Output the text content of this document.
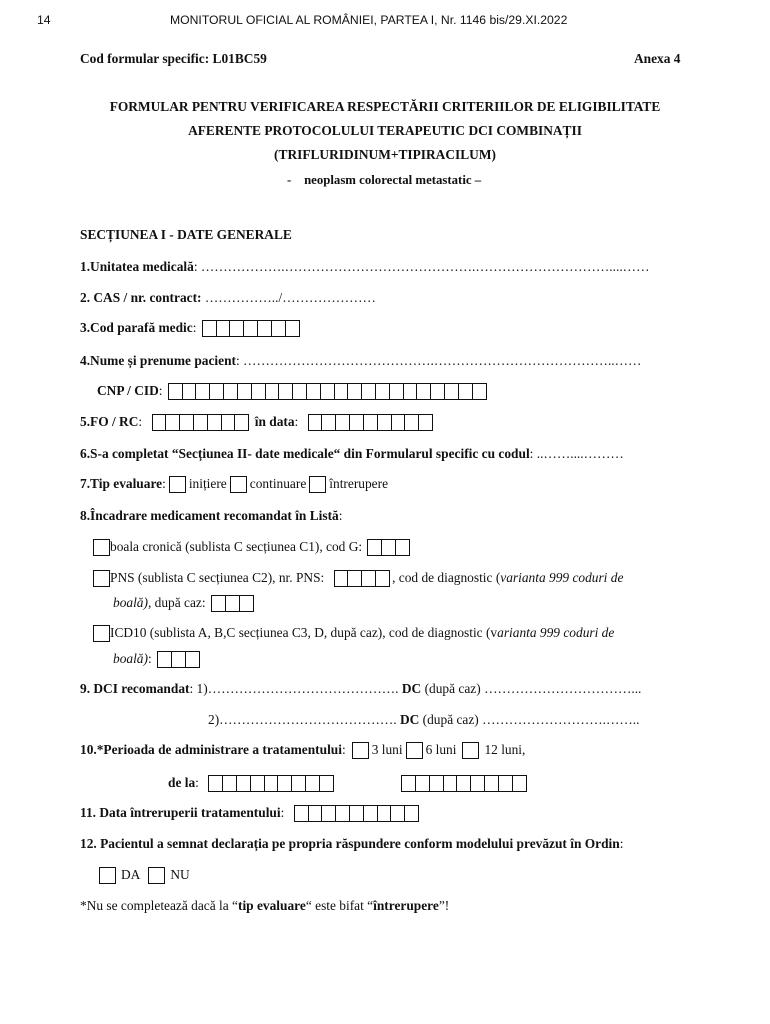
14	MONITORUL OFICIAL AL ROMÂNIEI, PARTEA I, Nr. 1146 bis/29.XI.2022
Cod formular specific: L01BC59	Anexa 4
FORMULAR PENTRU VERIFICAREA RESPECTĂRII CRITERIILOR DE ELIGIBILITATE
AFERENTE PROTOCOLULUI TERAPEUTIC DCI COMBINAȚII
(TRIFLURIDINUM+TIPIRACILUM)
- neoplasm colorectal metastatic –
SECȚIUNEA I - DATE GENERALE
1.Unitatea medicală: ……………….…………………………………….…………………………....……
2. CAS / nr. contract: ……………../…………………
3.Cod parafă medic:
4.Nume și prenume pacient: …………………………………….…………………………………..……
CNP / CID:
5.FO / RC:	în data:
6.S-a completat “Secțiunea II- date medicale“ din Formularul specific cu codul: ..……....………
7.Tip evaluare: inițiere continuare întrerupere
8.Încadrare medicament recomandat în Listă:
boala cronică (sublista C secțiunea C1), cod G:
PNS (sublista C secțiunea C2), nr. PNS:	, cod de diagnostic (varianta 999 coduri de
boală), după caz:
ICD10 (sublista A, B,C secțiunea C3, D, după caz), cod de diagnostic (varianta 999 coduri de
boală):
9. DCI recomandat: 1)……………………………………. DC (după caz) ……………………………...
2)…………………………………. DC (după caz) ……………………….……..
10.*Perioada de administrare a tratamentului: 3 luni 6 luni 12 luni,
de la:

11. Data întreruperii tratamentului:
12. Pacientul a semnat declarația pe propria răspundere conform modelului prevăzut în Ordin:
DA NU
*Nu se completează dacă la “tip evaluare“ este bifat “întrerupere”!
